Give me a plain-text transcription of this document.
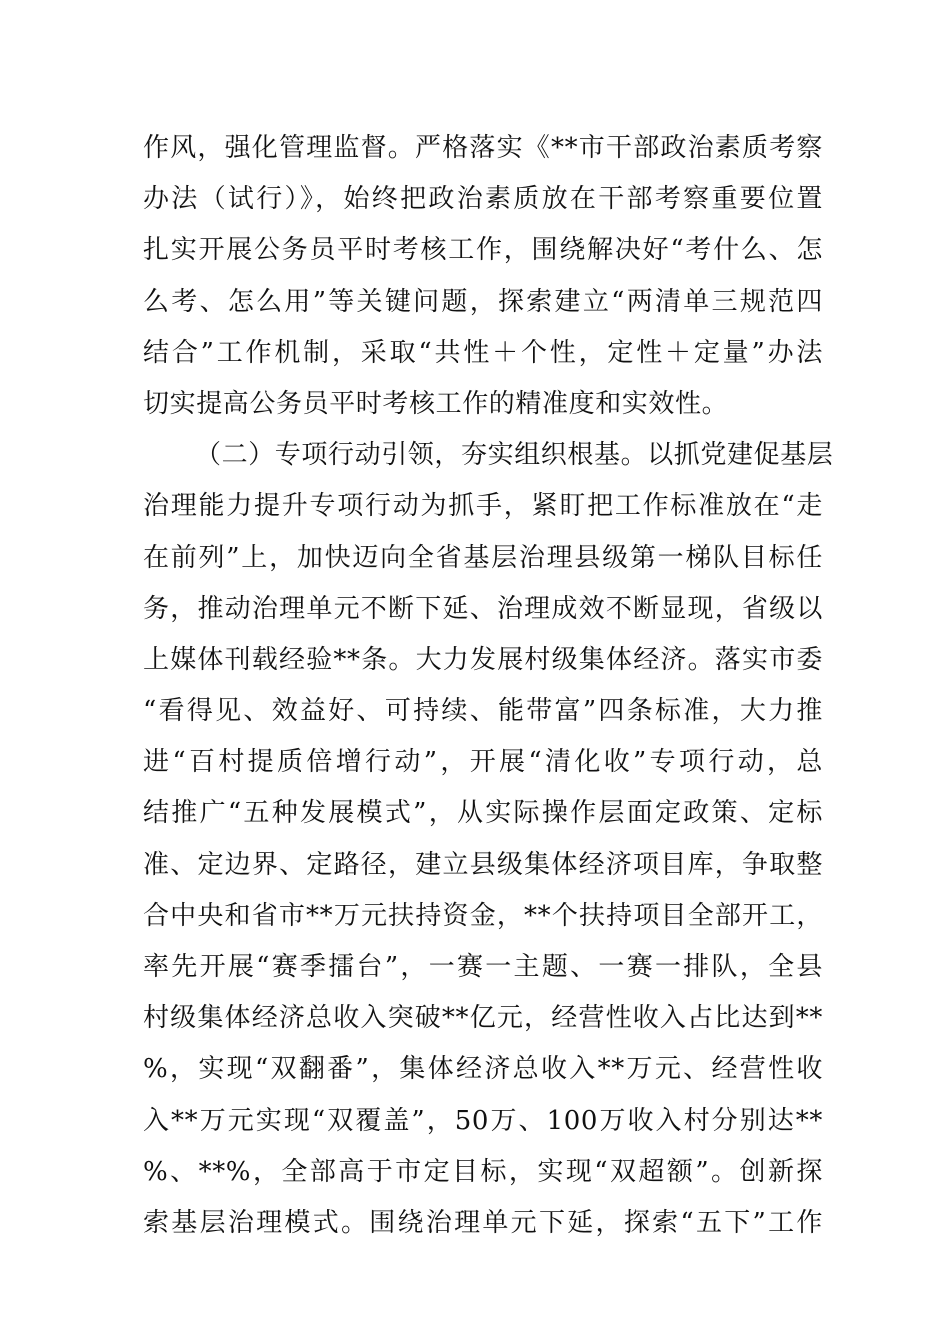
作风，强化管理监督。严格落实《**市干部政治素质考察
办法（试行）》，始终把政治素质放在干部考察重要位置
扎实开展公务员平时考核工作，围绕解决好“考什么、怎
么考、怎么用”等关键问题，探索建立“两清单三规范四
结合”工作机制，采取“共性＋个性，定性＋定量”办法
切实提高公务员平时考核工作的精准度和实效性。
（二）专项行动引领，夯实组织根基。以抓党建促基层
治理能力提升专项行动为抓手，紧盯把工作标准放在“走
在前列”上，加快迈向全省基层治理县级第一梯队目标任
务，推动治理单元不断下延、治理成效不断显现，省级以
上媒体刊载经验**条。大力发展村级集体经济。落实市委
“看得见、效益好、可持续、能带富”四条标准，大力推
进“百村提质倍增行动”，开展“清化收”专项行动，总
结推广“五种发展模式”，从实际操作层面定政策、定标
准、定边界、定路径，建立县级集体经济项目库，争取整
合中央和省市**万元扶持资金，**个扶持项目全部开工，
率先开展“赛季擂台”，一赛一主题、一赛一排队，全县
村级集体经济总收入突破**亿元，经营性收入占比达到**
%，实现“双翻番”，集体经济总收入**万元、经营性收
入**万元实现“双覆盖”，50万、100万收入村分别达**
%、**%，全部高于市定目标，实现“双超额”。创新探
索基层治理模式。围绕治理单元下延，探索“五下”工作
